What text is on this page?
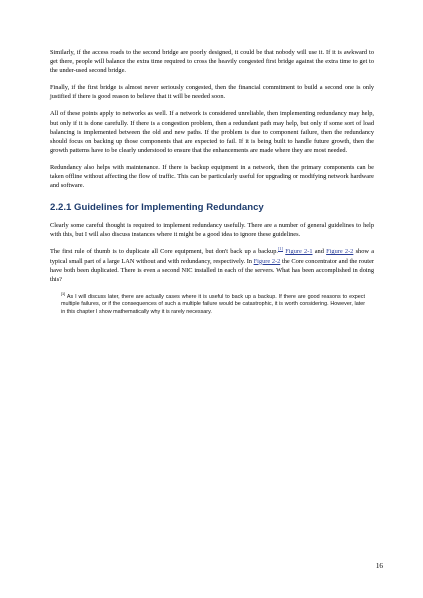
Similarly, if the access roads to the second bridge are poorly designed, it could be that nobody will use it. If it is awkward to get there, people will balance the extra time required to cross the heavily congested first bridge against the extra time to get to the under-used second bridge.

Finally, if the first bridge is almost never seriously congested, then the financial commitment to build a second one is only justified if there is good reason to believe that it will be needed soon.

All of these points apply to networks as well. If a network is considered unreliable, then implementing redundancy may help, but only if it is done carefully. If there is a congestion problem, then a redundant path may help, but only if some sort of load balancing is implemented between the old and new paths. If the problem is due to component failure, then the redundancy should focus on backing up those components that are expected to fail. If it is being built to handle future growth, then the growth patterns have to be clearly understood to ensure that the enhancements are made where they are most needed.

Redundancy also helps with maintenance. If there is backup equipment in a network, then the primary components can be taken offline without affecting the flow of traffic. This can be particularly useful for upgrading or modifying network hardware and software.

2.2.1 Guidelines for Implementing Redundancy

Clearly some careful thought is required to implement redundancy usefully. There are a number of general guidelines to help with this, but I will also discuss instances where it might be a good idea to ignore these guidelines.

The first rule of thumb is to duplicate all Core equipment, but don't back up a backup.[1] Figure 2-1 and Figure 2-2 show a typical small part of a large LAN without and with redundancy, respectively. In Figure 2-2 the Core concentrator and the router have both been duplicated. There is even a second NIC installed in each of the servers. What has been accomplished in doing this?

[1] As I will discuss later, there are actually cases where it is useful to back up a backup. If there are good reasons to expect multiple failures, or if the consequences of such a multiple failure would be catastrophic, it is worth considering. However, later in this chapter I show mathematically why it is rarely necessary.
16
